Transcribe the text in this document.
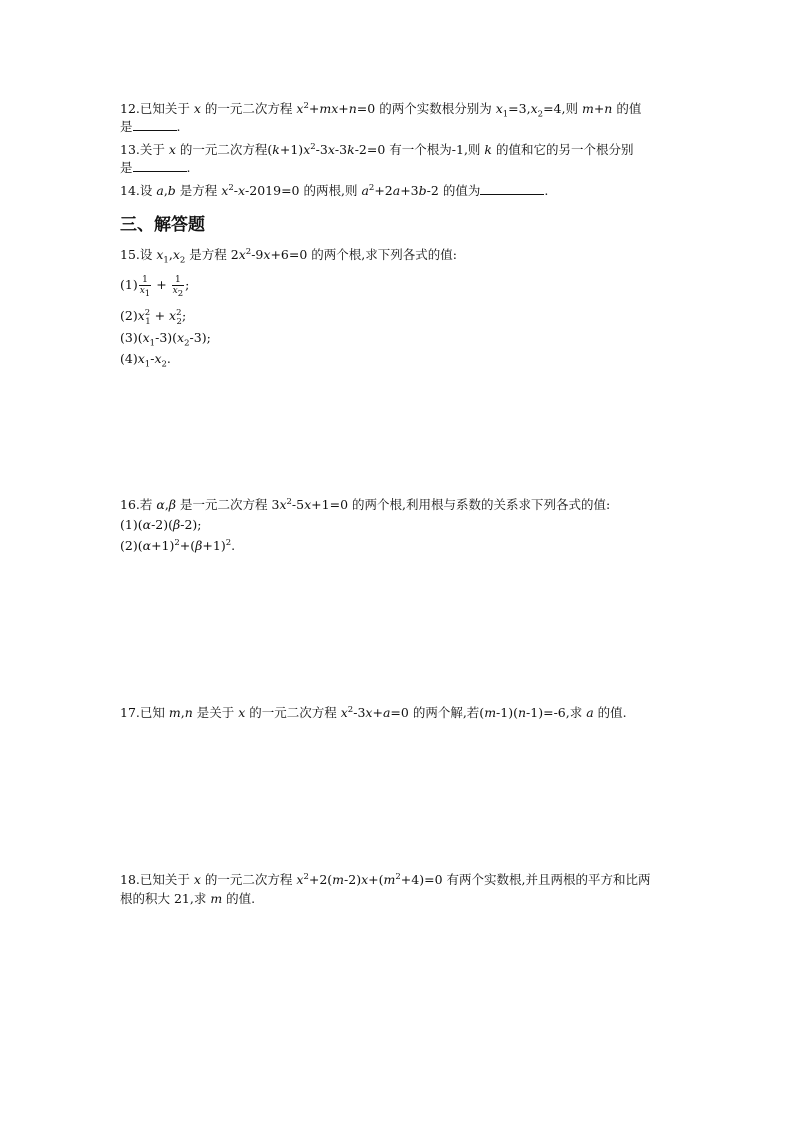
12.已知关于 x 的一元二次方程 $x^2+mx+n=0$ 的两个实数根分别为 $x_1=3,x_2=4$,则 m+n 的值
是	.
13.关于 x 的一元二次方程$(k+1)x^2-3x-3k-2=0$ 有一个根为-1,则 k 的值和它的另一个根分别
是	.
14.设 a,b 是方程 $x^2-x-2019=0$ 的两根,则 $a^2+2a+3b-2$ 的值为	.
三、解答题
15.设 $x_1,x_2$ 是方程 $2x^2-9x+6=0$ 的两个根,求下列各式的值:
$(1) \frac{1}{x_1} + \frac{1}{x_2}$ ;
$(2)x^2_1 + x^2_2$;
$(3)(x_1-3)(x_2-3)$;
$(4)x_1-x_2$.
16.若 α,β 是一元二次方程 $3x^2-5x+1=0$ 的两个根,利用根与系数的关系求下列各式的值:
(1)(α-2)(β-2);
$(2)(\alpha+1)^2+(\beta+1)^2$.
17.已知 m,n 是关于 x 的一元二次方程 $x^2-3x+a=0$ 的两个解,若(m-1)(n-1)=-6,求 a 的值.
18.已知关于 x 的一元二次方程 $x^2+2(m-2)x+(m^2+4)=0$ 有两个实数根,并且两根的平方和比两
根的积大 21,求 m 的值.
